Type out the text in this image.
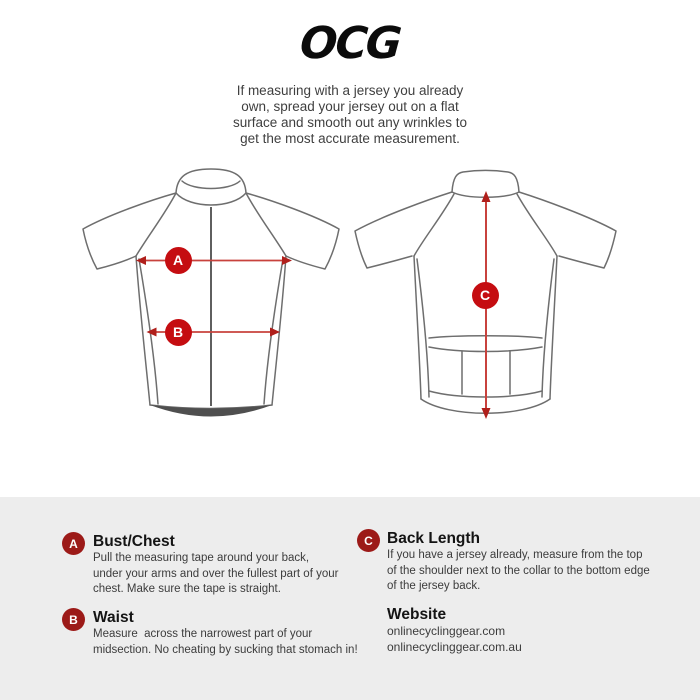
OCG
If measuring with a jersey you already
own, spread your jersey out on a flat
surface and smooth out any wrinkles to
get the most accurate measurement.
A
B
C
A Bust/Chest
Pull the measuring tape around your back,
under your arms and over the fullest part of your
chest. Make sure the tape is straight.
B Waist
Measure  across the narrowest part of your
midsection. No cheating by sucking that stomach in!
C Back Length
If you have a jersey already, measure from the top
of the shoulder next to the collar to the bottom edge
of the jersey back.
Website
onlinecyclinggear.com
onlinecyclinggear.com.au
